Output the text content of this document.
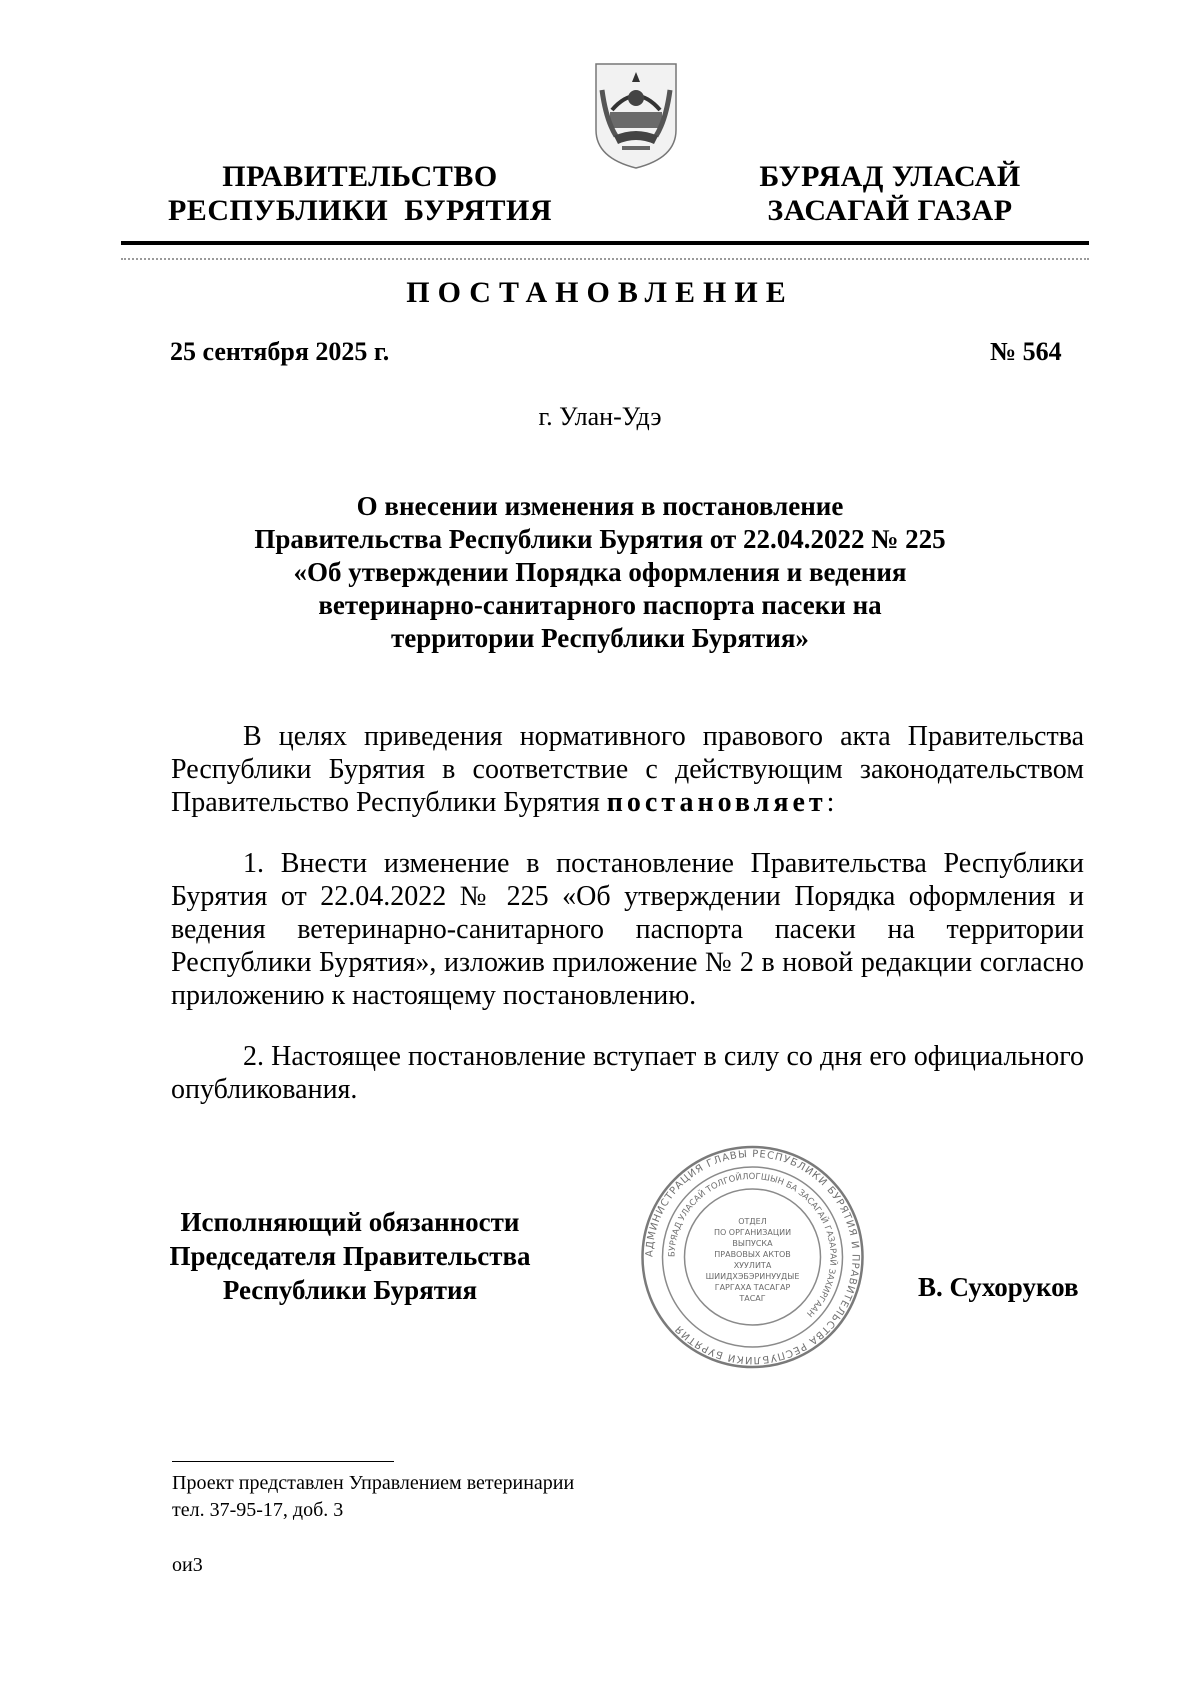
ПРАВИТЕЛЬСТВО
РЕСПУБЛИКИ  БУРЯТИЯ
БУРЯАД УЛАСАЙ
ЗАСАГАЙ ГАЗАР
ПОСТАНОВЛЕНИЕ
25 сентября 2025 г.	№ 564
г. Улан-Удэ
О внесении изменения в постановление
Правительства Республики Бурятия от 22.04.2022 № 225
«Об утверждении Порядка оформления и ведения
ветеринарно-санитарного паспорта пасеки на
территории Республики Бурятия»
В целях приведения нормативного правового акта Правительства Республики Бурятия в соответствие с действующим законодательством Правительство Республики Бурятия постановляет:
1. Внести изменение в постановление Правительства Республики Бурятия от 22.04.2022 № 225 «Об утверждении Порядка оформления и ведения ветеринарно-санитарного паспорта пасеки на территории Республики Бурятия», изложив приложение № 2 в новой редакции согласно приложению к настоящему постановлению.
2. Настоящее постановление вступает в силу со дня его официального опубликования.
Исполняющий обязанности
Председателя Правительства
Республики Бурятия
АДМИНИСТРАЦИЯ ГЛАВЫ РЕСПУБЛИКИ БУРЯТИЯ И ПРАВИТЕЛЬСТВА РЕСПУБЛИКИ БУРЯТИЯ
БУРЯАД УЛАСАЙ ТОЛГОЙЛОГШЫН БА ЗАСАГАЙ ГАЗАРАЙ ЗАХИРГААН
ОТДЕЛ
ПО ОРГАНИЗАЦИИ
ВЫПУСКА
ПРАВОВЫХ АКТОВ
ХУУЛИТА
ШИИДХЭБЭРИНУУДЫЕ
ГАРГАХА ТАСАГАР
ТАСАГ	В. Сухоруков
Проект представлен Управлением ветеринарии
тел. 37-95-17, доб. 3
ои3
